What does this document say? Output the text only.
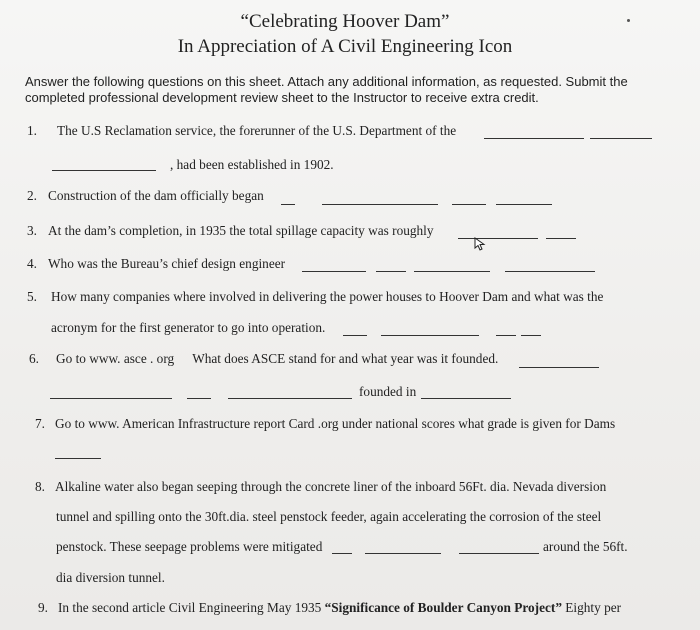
“Celebrating Hoover Dam”
In Appreciation of A Civil Engineering Icon
Answer the following questions on this sheet. Attach any additional information, as requested. Submit the completed professional development review sheet to the Instructor to receive extra credit.
1. The U.S Reclamation service, the forerunner of the U.S. Department of the
, had been established in 1902.
2. Construction of the dam officially began
3. At the dam’s completion, in 1935 the total spillage capacity was roughly
4. Who was the Bureau’s chief design engineer
5. How many companies where involved in delivering the power houses to Hoover Dam and what was the
acronym for the first generator to go into operation.
6. Go to www. asce . org What does ASCE stand for and what year was it founded.
founded in
7. Go to www. American Infrastructure report Card .org under national scores what grade is given for Dams
8. Alkaline water also began seeping through the concrete liner of the inboard 56Ft. dia. Nevada diversion
tunnel and spilling onto the 30ft.dia. steel penstock feeder, again accelerating the corrosion of the steel
penstock. These seepage problems were mitigated	around the 56ft.
dia diversion tunnel.
9. In the second article Civil Engineering May 1935 “Significance of Boulder Canyon Project” Eighty per
